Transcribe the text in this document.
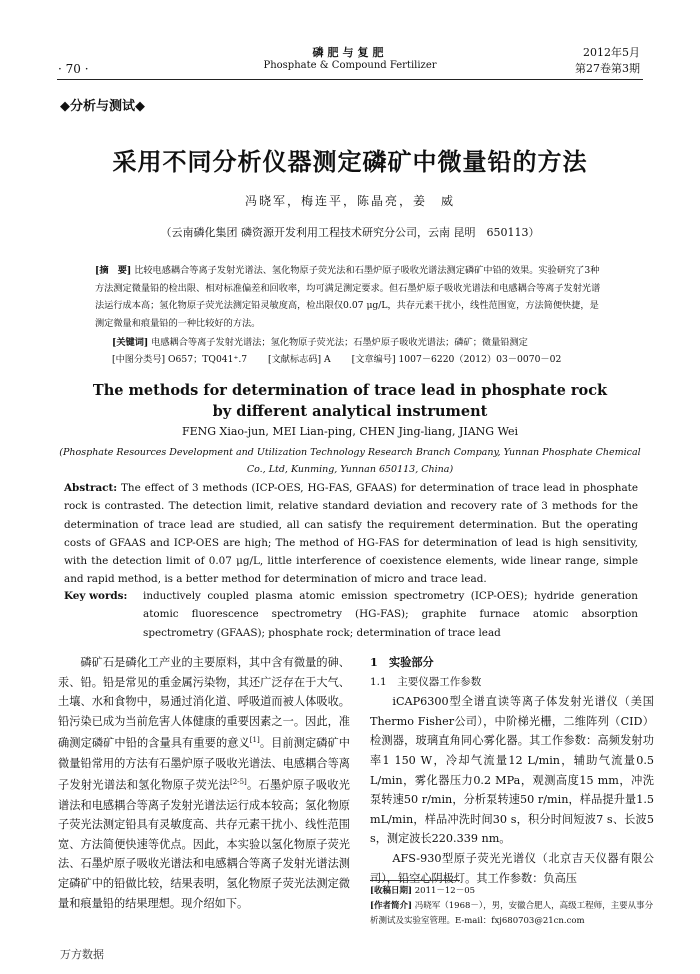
· 70 ·
磷肥与复肥
Phosphate & Compound Fertilizer
2012年5月
第27卷第3期
◆分析与测试◆
采用不同分析仪器测定磷矿中微量铅的方法
冯晓军，梅连平，陈晶亮，姜　威
（云南磷化集团 磷资源开发利用工程技术研究分公司，云南 昆明　650113）
[摘　要] 比较电感耦合等离子发射光谱法、氢化物原子荧光法和石墨炉原子吸收光谱法测定磷矿中铅的效果。实验研究了3种方法测定微量铅的检出限、相对标准偏差和回收率，均可满足测定要求。但石墨炉原子吸收光谱法和电感耦合等离子发射光谱法运行成本高；氢化物原子荧光法测定铅灵敏度高，检出限仅0.07 μg/L，共存元素干扰小，线性范围宽，方法简便快捷，是测定微量和痕量铅的一种比较好的方法。
[关键词] 电感耦合等离子发射光谱法；氢化物原子荧光法；石墨炉原子吸收光谱法；磷矿；微量铅测定
[中图分类号] O657；TQ041⁺.7 [文献标志码] A [文章编号] 1007－6220（2012）03－0070－02
The methods for determination of trace lead in phosphate rock
by different analytical instrument
FENG Xiao-jun, MEI Lian-ping, CHEN Jing-liang, JIANG Wei
(Phosphate Resources Development and Utilization Technology Research Branch Company, Yunnan Phosphate Chemical
Co., Ltd, Kunming, Yunnan 650113, China)
Abstract: The effect of 3 methods (ICP-OES, HG-FAS, GFAAS) for determination of trace lead in phosphate rock is contrasted. The detection limit, relative standard deviation and recovery rate of 3 methods for the determination of trace lead are studied, all can satisfy the requirement determination. But the operating costs of GFAAS and ICP-OES are high; The method of HG-FAS for determination of lead is high sensitivity, with the detection limit of 0.07 μg/L, little interference of coexistence elements, wide linear range, simple and rapid method, is a better method for determination of micro and trace lead.
Key words: inductively coupled plasma atomic emission spectrometry (ICP-OES); hydride generation atomic fluorescence spectrometry (HG-FAS); graphite furnace atomic absorption spectrometry (GFAAS); phosphate rock; determination of trace lead

磷矿石是磷化工产业的主要原料，其中含有微量的砷、汞、铅。铅是常见的重金属污染物，其还广泛存在于大气、土壤、水和食物中，易通过消化道、呼吸道而被人体吸收。铅污染已成为当前危害人体健康的重要因素之一。因此，准确测定磷矿中铅的含量具有重要的意义[1]。目前测定磷矿中微量铅常用的方法有石墨炉原子吸收光谱法、电感耦合等离子发射光谱法和氢化物原子荧光法[2-5]。石墨炉原子吸收光谱法和电感耦合等离子发射光谱法运行成本较高；氢化物原子荧光法测定铅具有灵敏度高、共存元素干扰小、线性范围宽、方法简便快速等优点。因此，本实验以氢化物原子荧光法、石墨炉原子吸收光谱法和电感耦合等离子发射光谱法测定磷矿中的铅做比较，结果表明，氢化物原子荧光法测定微量和痕量铅的结果理想。现介绍如下。

1　实验部分

1.1　主要仪器工作参数

iCAP6300型全谱直读等离子体发射光谱仪（美国Thermo Fisher公司），中阶梯光栅，二维阵列（CID）检测器，玻璃直角同心雾化器。其工作参数：高频发射功率1 150 W，冷却气流量12 L/min，辅助气流量0.5 L/min，雾化器压力0.2 MPa，观测高度15 mm，冲洗泵转速50 r/min，分析泵转速50 r/min，样品提升量1.5 mL/min，样品冲洗时间30 s，积分时间短波7 s、长波5 s，测定波长220.339 nm。

AFS-930型原子荧光光谱仪（北京吉天仪器有限公司），铅空心阴极灯。其工作参数：负高压

[收稿日期] 2011－12－05
[作者简介] 冯晓军（1968－），男，安徽合肥人，高级工程师，主要从事分析测试及实验室管理。E-mail：fxj680703@21cn.com
万方数据
